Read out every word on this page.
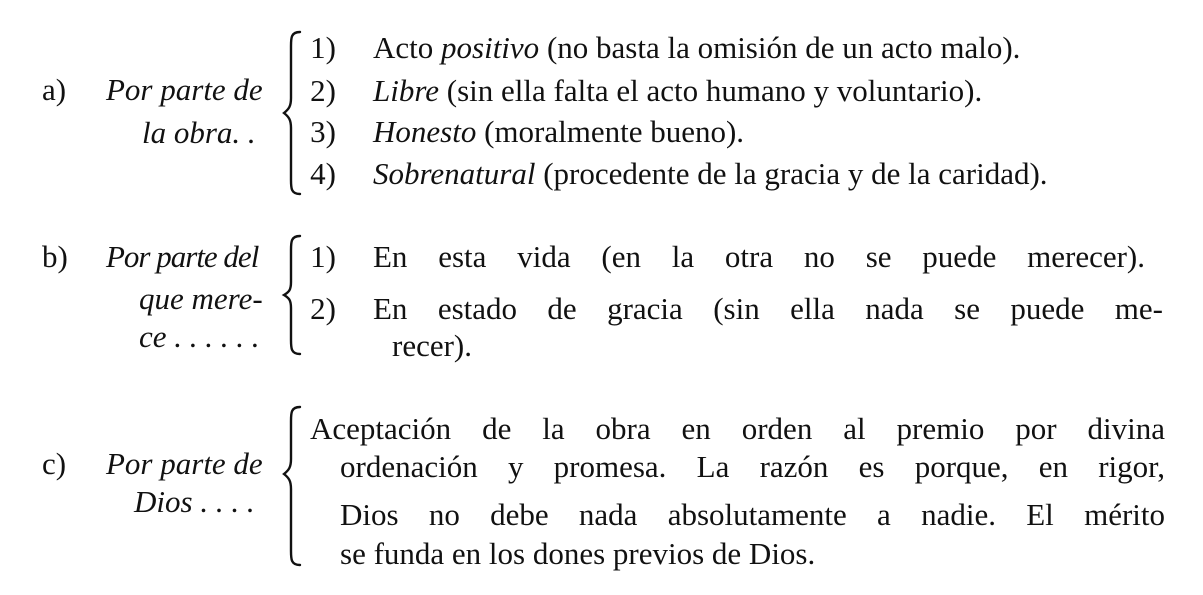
a) Por parte de
la obra. .
1) Acto positivo (no basta la omisión de un acto malo).
2) Libre (sin ella falta el acto humano y voluntario).
3) Honesto (moralmente bueno).
4) Sobrenatural (procedente de la gracia y de la caridad).
b) Por parte del
que mere-
ce . . . . . .
1) En esta vida (en la otra no se puede merecer).
2) En estado de gracia (sin ella nada se puede me-
recer).
c) Por parte de
Dios . . . .
Aceptación de la obra en orden al premio por divina
ordenación y promesa. La razón es porque, en rigor,
Dios no debe nada absolutamente a nadie. El mérito
se funda en los dones previos de Dios.
